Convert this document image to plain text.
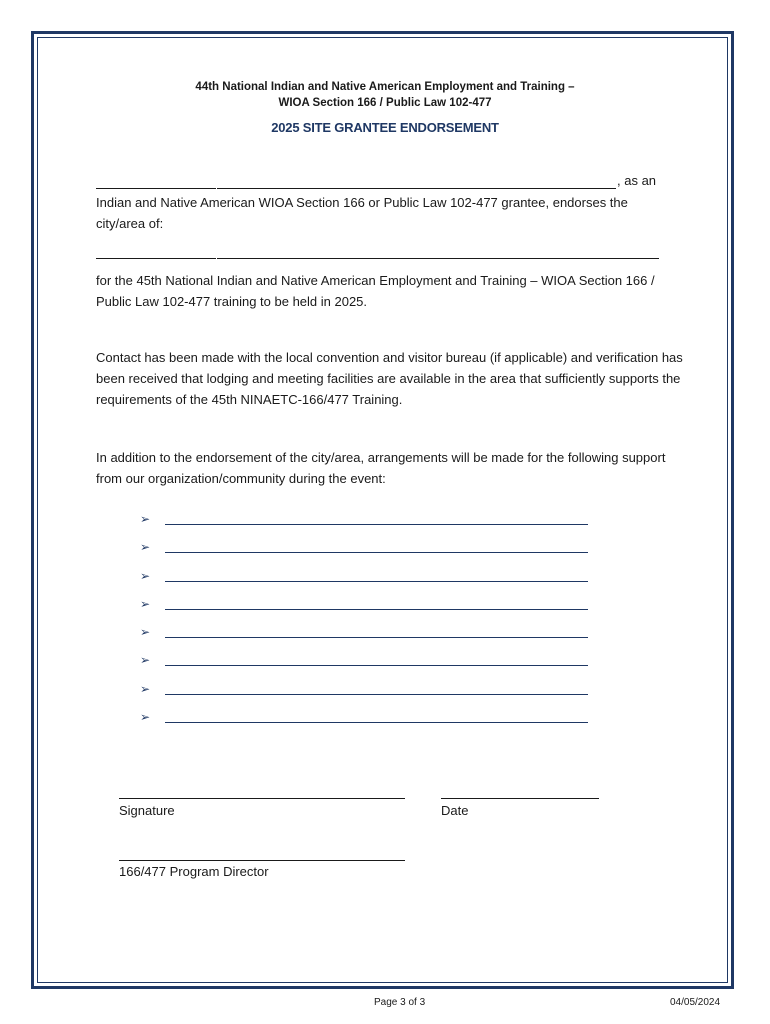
44th National Indian and Native American Employment and Training –
WIOA Section 166 / Public Law 102-477
2025 SITE GRANTEE ENDORSEMENT
, as an
Indian and Native American WIOA Section 166 or Public Law 102-477 grantee, endorses the city/area of:
for the 45th National Indian and Native American Employment and Training – WIOA Section 166 / Public Law 102-477 training to be held in 2025.
Contact has been made with the local convention and visitor bureau (if applicable) and verification has been received that lodging and meeting facilities are available in the area that sufficiently supports the requirements of the 45th NINAETC-166/477 Training.
In addition to the endorsement of the city/area, arrangements will be made for the following support from our organization/community during the event:
➢
➢
➢
➢
➢
➢
➢
➢
Signature	Date
166/477 Program Director
Page 3 of 3	04/05/2024
